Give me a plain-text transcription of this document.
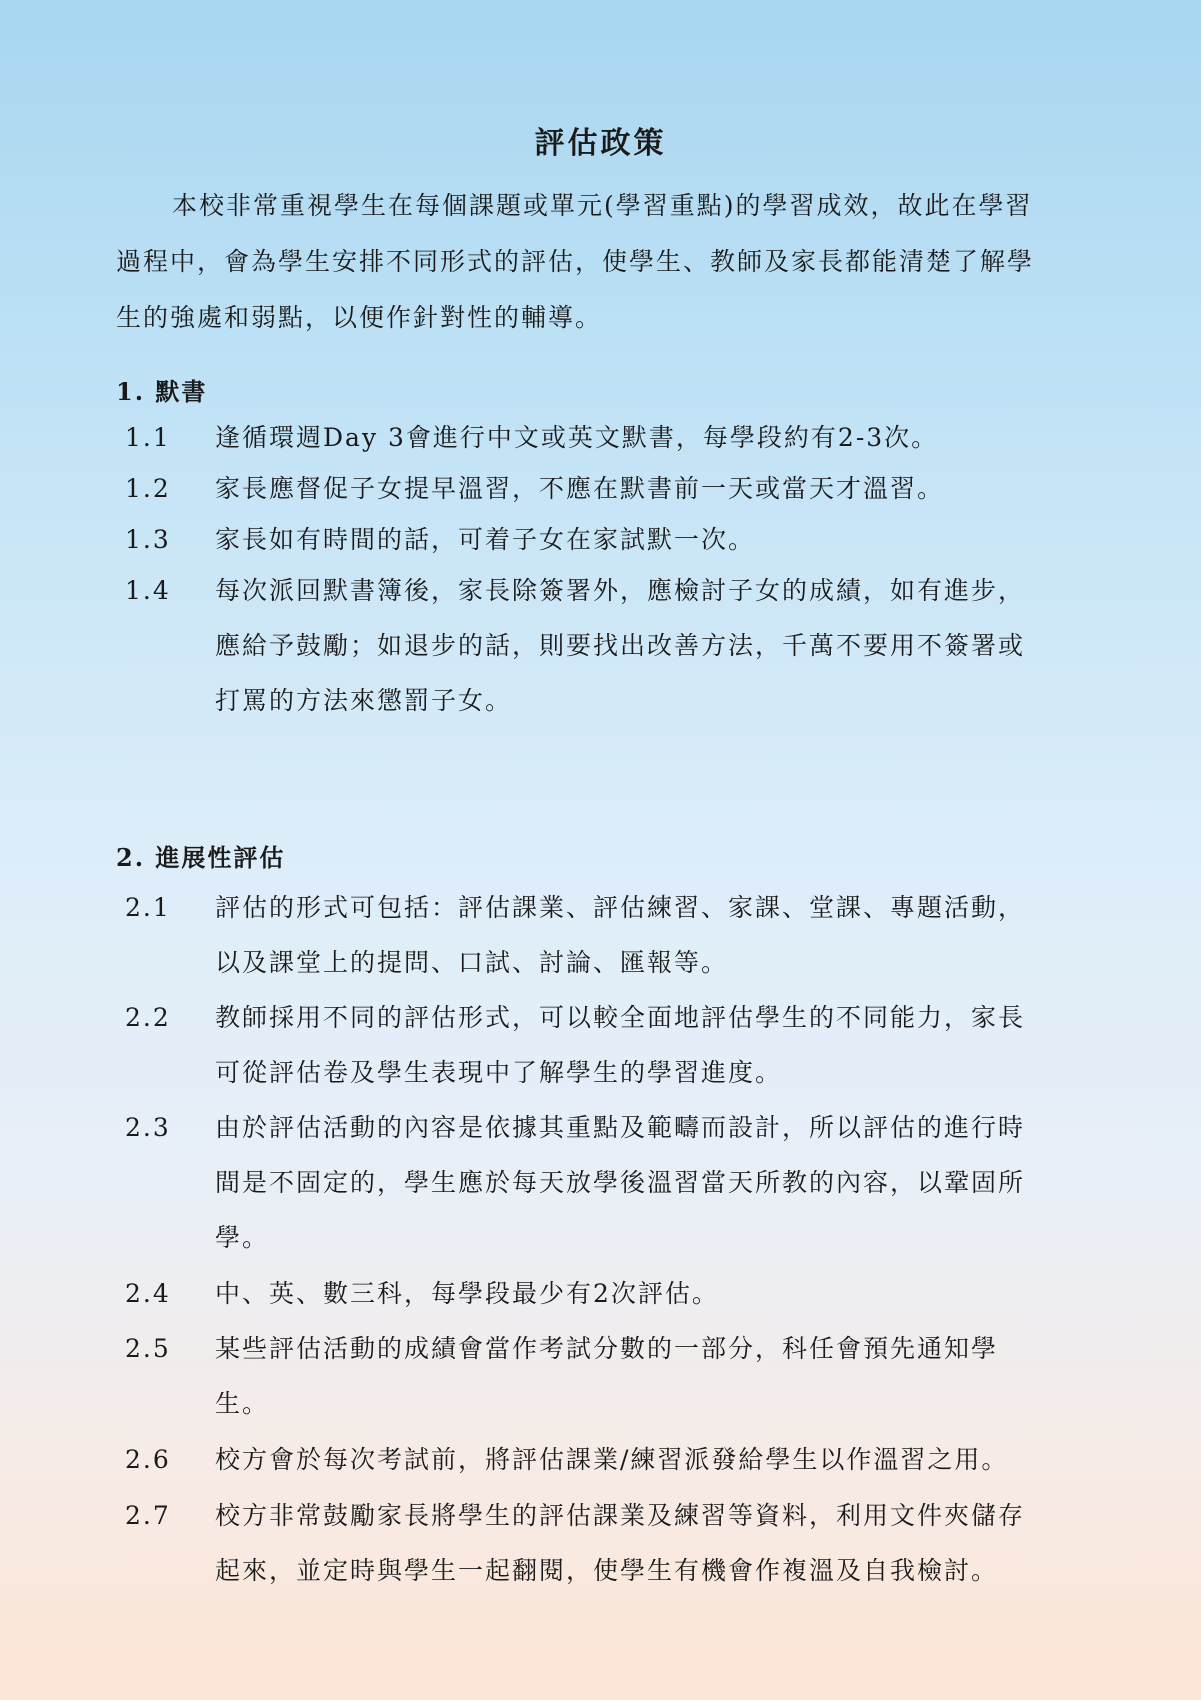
評估政策
本校非常重視學生在每個課題或單元(學習重點)的學習成效，故此在學習
過程中，會為學生安排不同形式的評估，使學生、教師及家長都能清楚了解學
生的強處和弱點，以便作針對性的輔導。
1. 默書
1.1	逢循環週Day 3會進行中文或英文默書，每學段約有2-3次。
1.2	家長應督促子女提早溫習，不應在默書前一天或當天才溫習。
1.3	家長如有時間的話，可着子女在家試默一次。
1.4	每次派回默書簿後，家長除簽署外，應檢討子女的成績，如有進步，
應給予鼓勵；如退步的話，則要找出改善方法，千萬不要用不簽署或
打罵的方法來懲罰子女。
2. 進展性評估
2.1	評估的形式可包括：評估課業、評估練習、家課、堂課、專題活動，
以及課堂上的提問、口試、討論、匯報等。
2.2	教師採用不同的評估形式，可以較全面地評估學生的不同能力，家長
可從評估卷及學生表現中了解學生的學習進度。
2.3	由於評估活動的內容是依據其重點及範疇而設計，所以評估的進行時
間是不固定的，學生應於每天放學後溫習當天所教的內容，以鞏固所
學。
2.4	中、英、數三科，每學段最少有2次評估。
2.5	某些評估活動的成績會當作考試分數的一部分，科任會預先通知學
生。
2.6	校方會於每次考試前，將評估課業/練習派發給學生以作溫習之用。
2.7	校方非常鼓勵家長將學生的評估課業及練習等資料，利用文件夾儲存
起來，並定時與學生一起翻閱，使學生有機會作複溫及自我檢討。
